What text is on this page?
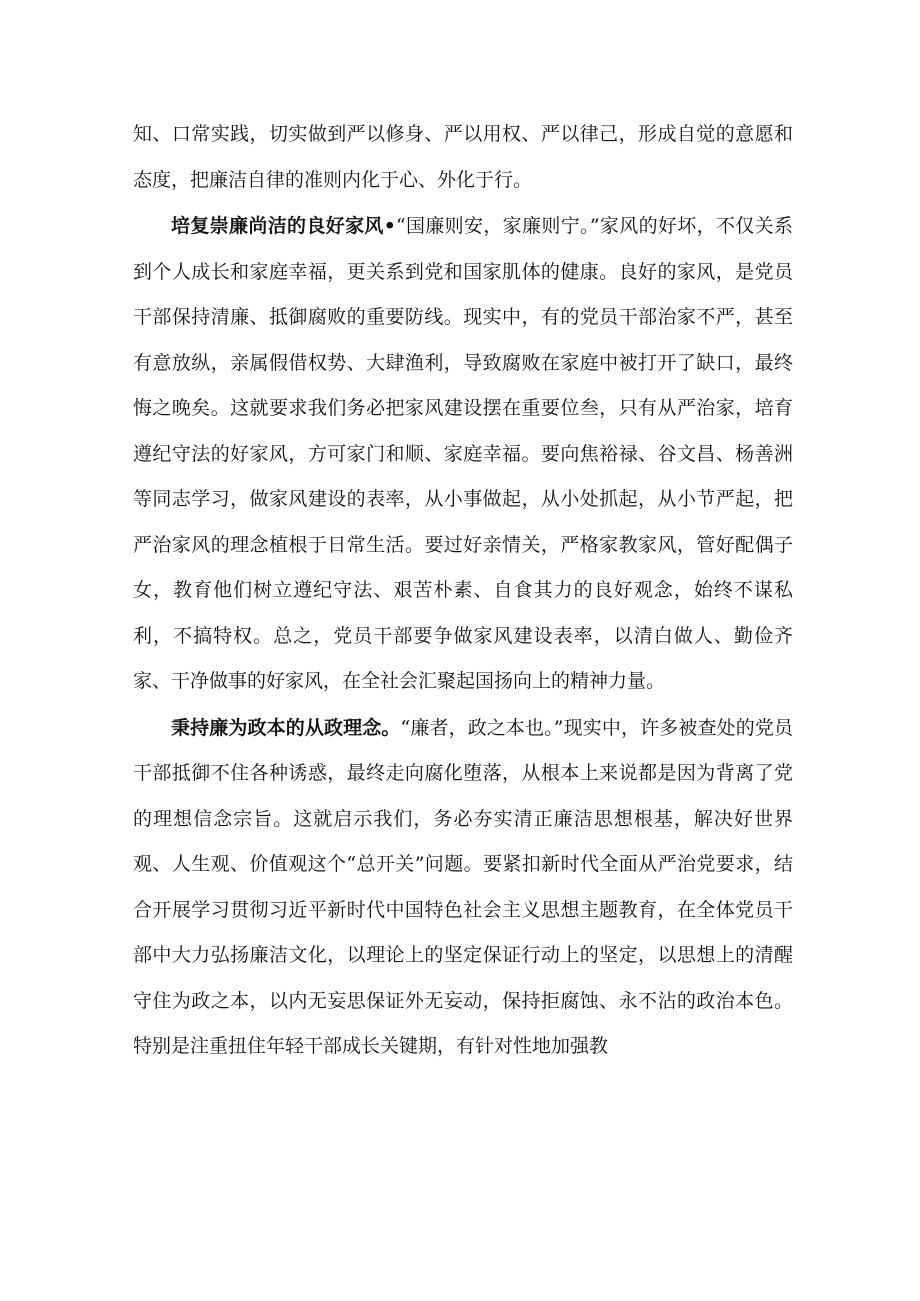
知、口常实践，切实做到严以修身、严以用权、严以律己，形成自觉的意愿和态度，把廉洁自律的准则内化于心、外化于行。

培复崇廉尚洁的良好家风•“国廉则安，家廉则宁。”家风的好坏，不仅关系到个人成长和家庭幸福，更关系到党和国家肌体的健康。良好的家风，是党员干部保持清廉、抵御腐败的重要防线。现实中，有的党员干部治家不严，甚至有意放纵，亲属假借权势、大肆渔利，导致腐败在家庭中被打开了缺口，最终悔之晚矣。这就要求我们务必把家风建设摆在重要位叁，只有从严治家，培育遵纪守法的好家风，方可家门和顺、家庭幸福。要向焦裕禄、谷文昌、杨善洲等同志学习，做家风建设的表率，从小事做起，从小处抓起，从小节严起，把严治家风的理念植根于日常生活。要过好亲情关，严格家教家风，管好配偶子女，教育他们树立遵纪守法、艰苦朴素、自食其力的良好观念，始终不谋私利，不搞特权。总之，党员干部要争做家风建设表率，以清白做人、勤俭齐家、干净做事的好家风，在全社会汇聚起国扬向上的精神力量。

秉持廉为政本的从政理念。“廉者，政之本也。”现实中，许多被查处的党员干部抵御不住各种诱惑，最终走向腐化堕落，从根本上来说都是因为背离了党的理想信念宗旨。这就启示我们，务必夯实清正廉洁思想根基，解决好世界观、人生观、价值观这个“总开关”问题。要紧扣新时代全面从严治党要求，结合开展学习贯彻习近平新时代中国特色社会主义思想主题教育，在全体党员干部中大力弘扬廉洁文化，以理论上的坚定保证行动上的坚定，以思想上的清醒守住为政之本，以内无妄思保证外无妄动，保持拒腐蚀、永不沾的政治本色。特别是注重扭住年轻干部成长关键期，有针对性地加强教
